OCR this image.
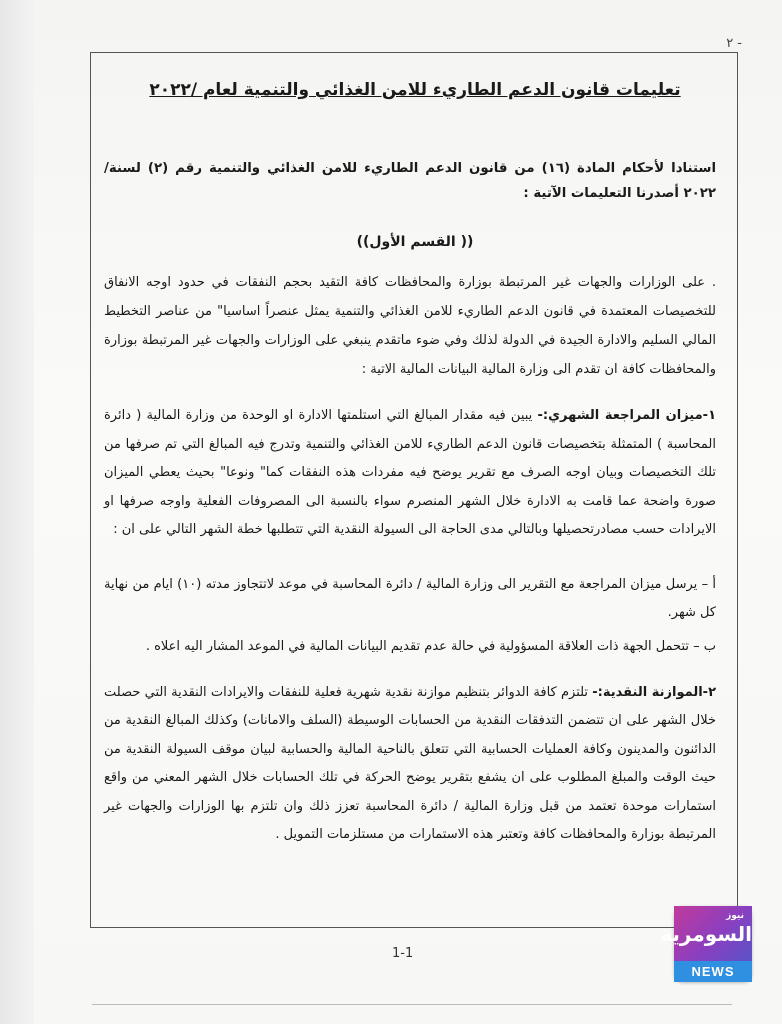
٢ -
تعليمات قانون الدعم الطاريء للامن الغذائي والتنمية لعام /٢٠٢٢
استنادا لأحكام المادة (١٦) من قانون الدعم الطاريء للامن الغذائي والتنمية رقم (٢) لسنة/٢٠٢٢ أصدرنا التعليمات الآتية :
(( القسم الأول))
. على الوزارات والجهات غير المرتبطة بوزارة والمحافظات كافة التقيد بحجم النفقات في حدود اوجه الانفاق للتخصيصات المعتمدة في قانون الدعم الطاريء للامن الغذائي والتنمية يمثل عنصراً اساسيا" من عناصر التخطيط المالي السليم والادارة الجيدة في الدولة لذلك وفي ضوء ماتقدم ينبغي على الوزارات والجهات غير المرتبطة بوزارة والمحافظات كافة ان تقدم الى وزارة المالية البيانات المالية الاتية :
١-ميزان المراجعة الشهري:- يبين فيه مقدار المبالغ التي استلمتها الادارة او الوحدة من وزارة المالية ( دائرة المحاسبة ) المتمثلة بتخصيصات قانون الدعم الطاريء للامن الغذائي والتنمية وتدرج فيه المبالغ التي تم صرفها من تلك التخصيصات وبيان اوجه الصرف مع تقرير يوضح فيه مفردات هذه النفقات كما" ونوعا" بحيث يعطي الميزان صورة واضحة عما قامت به الادارة خلال الشهر المنصرم سواء بالنسبة الى المصروفات الفعلية واوجه صرفها او الايرادات حسب مصادرتحصيلها وبالتالي مدى الحاجة الى السيولة النقدية التي تتطلبها خطة الشهر التالي على ان :
أ – يرسل ميزان المراجعة مع التقرير الى وزارة المالية / دائرة المحاسبة في موعد لاتتجاوز مدته (١٠) ايام من نهاية كل شهر.
ب – تتحمل الجهة ذات العلاقة المسؤولية في حالة عدم تقديم البيانات المالية في الموعد المشار اليه اعلاه .
٢-الموازنة النقدية:- تلتزم كافة الدوائر بتنظيم موازنة نقدية شهرية فعلية للنفقات والايرادات النقدية التي حصلت خلال الشهر على ان تتضمن التدفقات النقدية من الحسابات الوسيطة (السلف والامانات) وكذلك المبالغ النقدية من الدائنون والمدينون وكافة العمليات الحسابية التي تتعلق بالناحية المالية والحسابية لبيان موقف السيولة النقدية من حيث الوقت والمبلغ المطلوب على ان يشفع بتقرير يوضح الحركة في تلك الحسابات خلال الشهر المعني من واقع استمارات موحدة تعتمد من قبل وزارة المالية / دائرة المحاسبة تعزز ذلك وان تلتزم بها الوزارات والجهات غير المرتبطة بوزارة والمحافظات كافة وتعتبر هذه الاستمارات من مستلزمات التمويل .
1-1
نيوز
السومرية
NEWS
